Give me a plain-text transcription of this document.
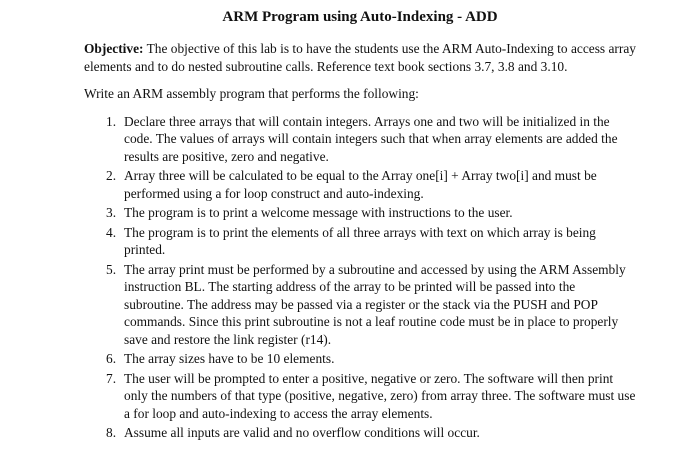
ARM Program using Auto-Indexing - ADD

Objective: The objective of this lab is to have the students use the ARM Auto-Indexing to access array elements and to do nested subroutine calls. Reference text book sections 3.7, 3.8 and 3.10.

Write an ARM assembly program that performs the following:

1. Declare three arrays that will contain integers. Arrays one and two will be initialized in the code. The values of arrays will contain integers such that when array elements are added the results are positive, zero and negative.
2. Array three will be calculated to be equal to the Array one[i] + Array two[i] and must be performed using a for loop construct and auto-indexing.
3. The program is to print a welcome message with instructions to the user.
4. The program is to print the elements of all three arrays with text on which array is being printed.
5. The array print must be performed by a subroutine and accessed by using the ARM Assembly instruction BL. The starting address of the array to be printed will be passed into the subroutine. The address may be passed via a register or the stack via the PUSH and POP commands. Since this print subroutine is not a leaf routine code must be in place to properly save and restore the link register (r14).
6. The array sizes have to be 10 elements.
7. The user will be prompted to enter a positive, negative or zero. The software will then print only the numbers of that type (positive, negative, zero) from array three. The software must use a for loop and auto-indexing to access the array elements.
8. Assume all inputs are valid and no overflow conditions will occur.
